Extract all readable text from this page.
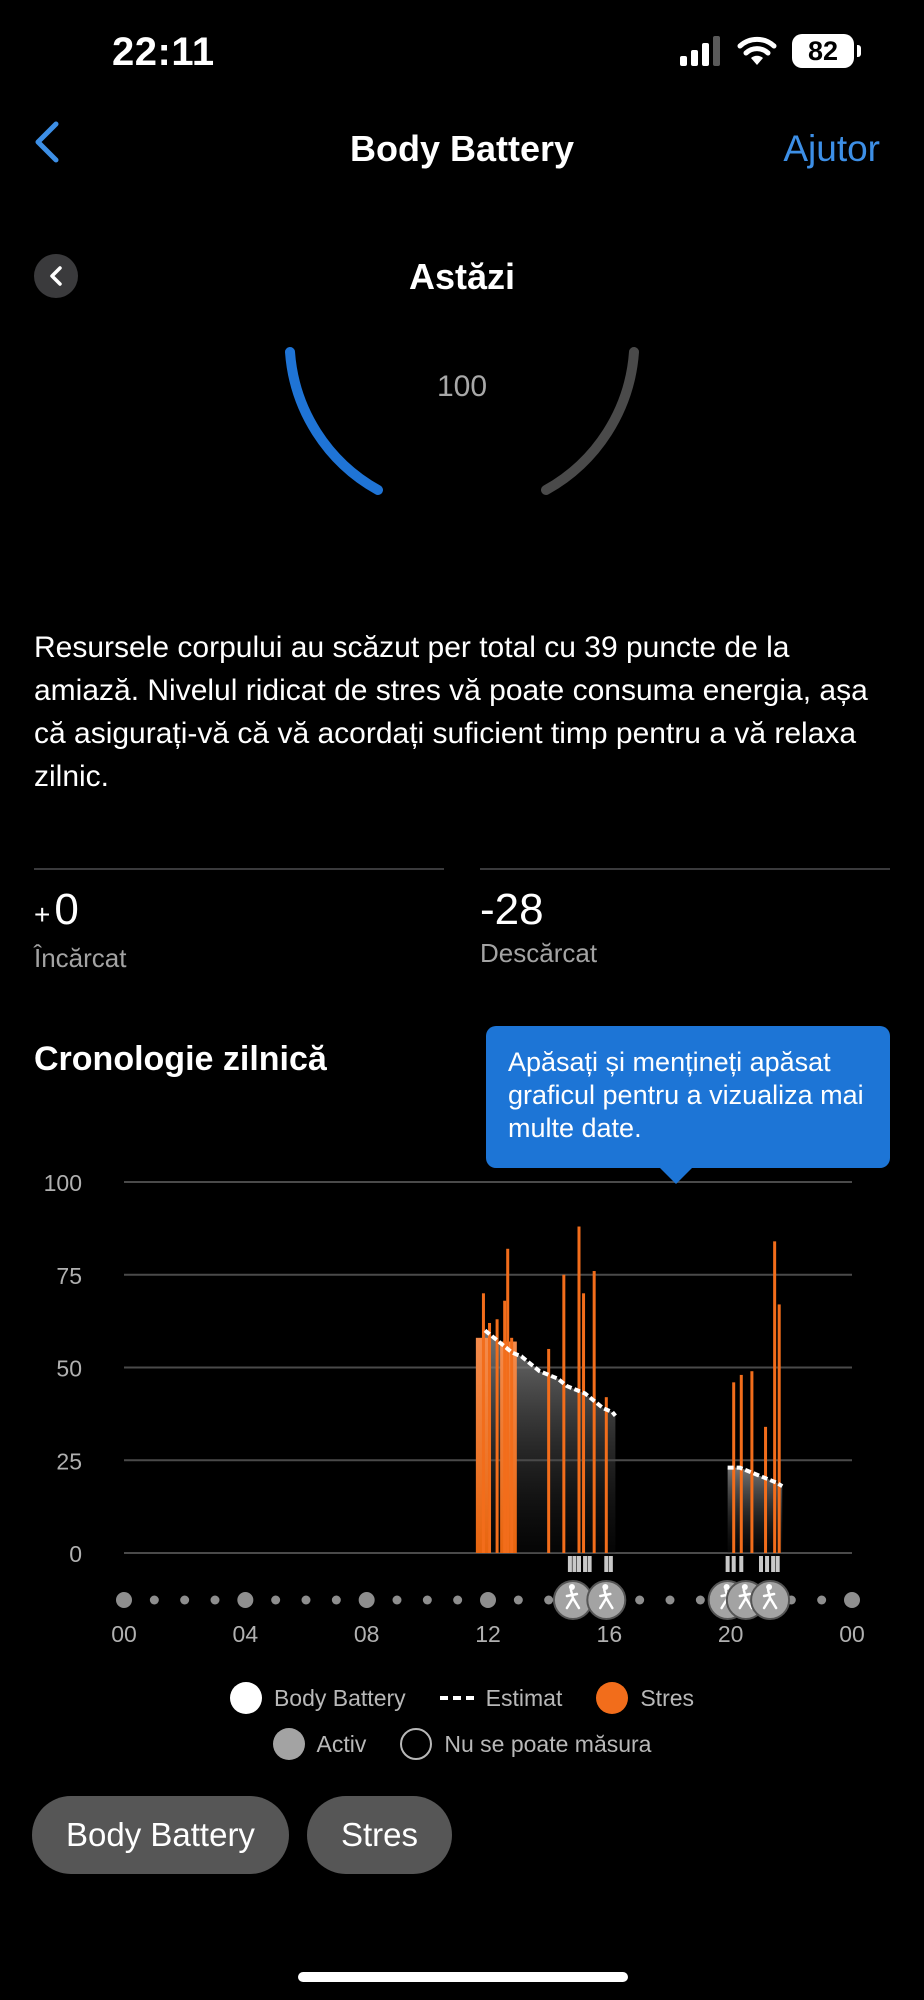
22:11	82
Body Battery	Ajutor
Astăzi
100
Resursele corpului au scăzut per total cu 39 puncte de la amiază. Nivelul ridicat de stres vă poate consuma energia, așa că asigurați-vă că vă acordați suficient timp pentru a vă relaxa zilnic.
+0
Încărcat
-28
Descărcat
Cronologie zilnică
100
75
50
25
0
00	04	08	12	16	20	00
Apăsați și mențineți apăsat graficul pentru a vizualiza mai multe date.
Body Battery	Estimat	Stres
Activ	Nu se poate măsura
Body Battery	Stres
